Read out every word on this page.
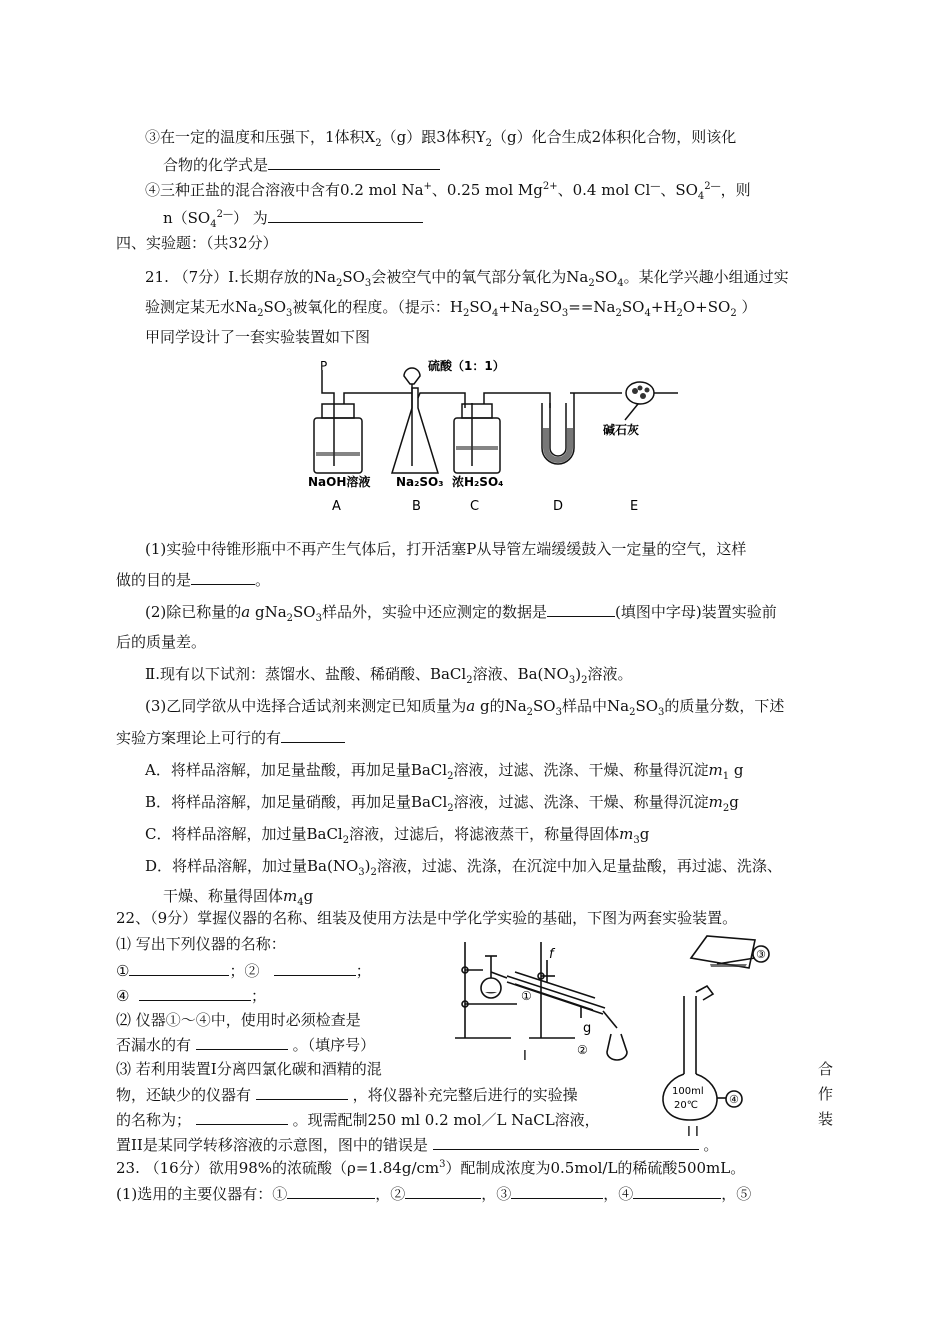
③在一定的温度和压强下，1体积$X_2(g)$跟3体积$Y_2(g)$化合生成2体积化合物，则该化
合物的化学式是
④三种正盐的混合溶液中含有0.2 mol Na+、0.25 mol $Mg^{2+}$、0.4 mol Cl—、$SO_4^{2—}$，则
$n(SO_4^{2—})$ 为
四、实验题：（共32分）
21. （7分）Ⅰ.长期存放的$Na_2SO_3$会被空气中的氧气部分氧化为$Na_2SO_4$。某化学兴趣小组通过实
验测定某无水$Na_2SO_3$被氧化的程度。（提示：$H_2SO_4+Na_2SO_3==Na_2SO_4+H_2O+SO_2$ ）
甲同学设计了一套实验装置如下图
P	硫酸（1：1）
碱石灰
NaOH溶液 Na₂SO₃ 浓H₂SO₄
A	B	C	D	E
(1)实验中待锥形瓶中不再产生气体后，打开活塞P从导管左端缓缓鼓入一定量的空气，这样
做的目的是	。
(2)除已称量的a $gNa_2SO_3$样品外，实验中还应测定的数据是	(填图中字母)装置实验前
后的质量差。
Ⅱ.现有以下试剂：蒸馏水、盐酸、稀硝酸、BaCl$_2$溶液、$Ba(NO_3)_2$溶液。
(3)乙同学欲从中选择合适试剂来测定已知质量为a g的$Na_2SO_3$样品中$Na_2SO_3$的质量分数，下述
实验方案理论上可行的有
A．将样品溶解，加足量盐酸，再加足量BaCl$_2$溶液，过滤、洗涤、干燥、称量得沉淀$m_1$ g
B．将样品溶解，加足量硝酸，再加足量BaCl$_2$溶液，过滤、洗涤、干燥、称量得沉淀$m_2g$
C．将样品溶解，加过量BaCl$_2$溶液，过滤后，将滤液蒸干，称量得固体$m_3g$
D．将样品溶解，加过量$Ba(NO_3)_2$溶液，过滤、洗涤，在沉淀中加入足量盐酸，再过滤、洗涤、
干燥、称量得固体$m_4g$
22、（9分）掌握仪器的名称、组装及使用方法是中学化学实验的基础，下图为两套实验装置。
⑴ 写出下列仪器的名称：
①	；②	；
④	；
⑵ 仪器①～④中，使用时必须检查是
否漏水的有	。（填序号）
⑶ 若利用装置Ⅰ分离四氯化碳和酒精的混	合
物，还缺少的仪器有	，将仪器补充完整后进行的实验操	作
的名称为；	。现需配制250 ml 0.2 mol／L NaCL溶液，	装
置II是某同学转移溶液的示意图，图中的错误是	。
①
②
③
④
f
g
100ml
20℃
I
I I
23. （16分）欲用98%的浓硫酸$(\rho=1.84g/cm^3)$配制成浓度为0.5mol/L的稀硫酸500mL。
(1)选用的主要仪器有：①	，②	，③	，④	，⑤
